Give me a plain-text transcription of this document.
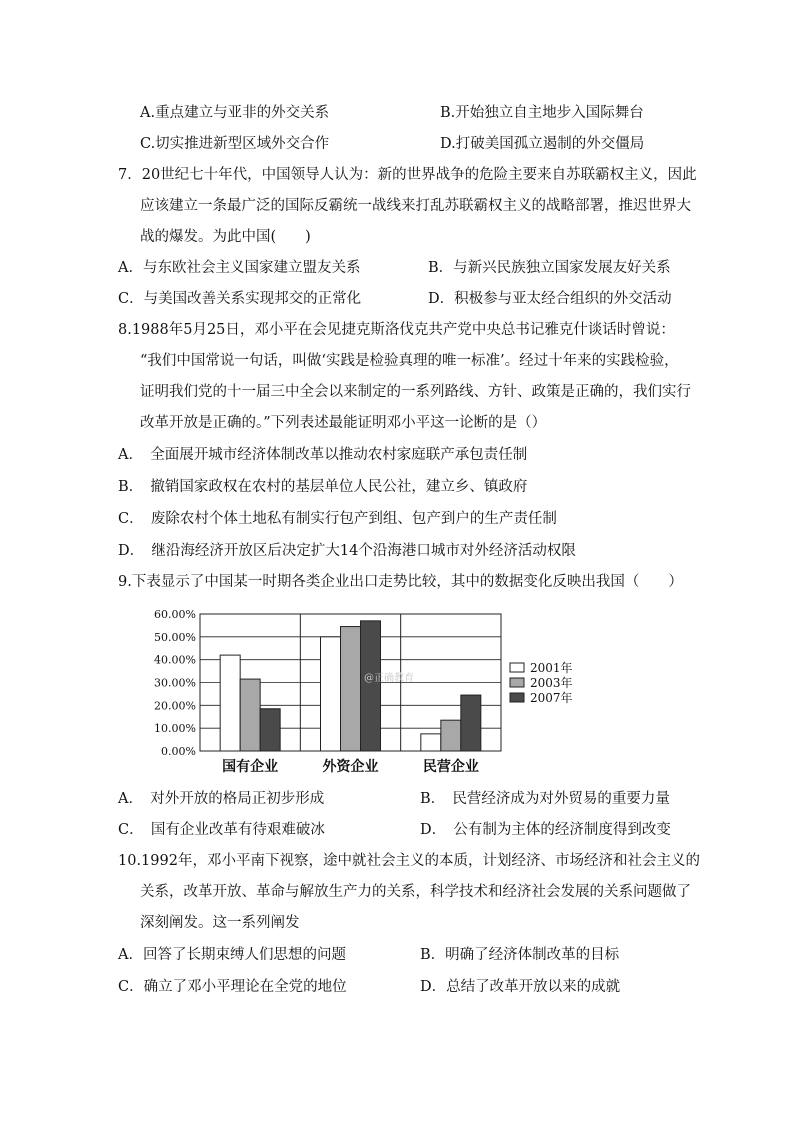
A.重点建立与亚非的外交关系	B.开始独立自主地步入国际舞台
C.切实推进新型区域外交合作	D.打破美国孤立遏制的外交僵局
7．20世纪七十年代，中国领导人认为：新的世界战争的危险主要来自苏联霸权主义，因此
应该建立一条最广泛的国际反霸统一战线来打乱苏联霸权主义的战略部署，推迟世界大
战的爆发。为此中国(　　)
A．与东欧社会主义国家建立盟友关系	B．与新兴民族独立国家发展友好关系
C．与美国改善关系实现邦交的正常化	D．积极参与亚太经合组织的外交活动
8.1988年5月25日，邓小平在会见捷克斯洛伐克共产党中央总书记雅克什谈话时曾说：
“我们中国常说一句话，叫做‘实践是检验真理的唯一标准’。经过十年来的实践检验，
证明我们党的十一届三中全会以来制定的一系列路线、方针、政策是正确的，我们实行
改革开放是正确的。”下列表述最能证明邓小平这一论断的是（）
A．　全面展开城市经济体制改革以推动农村家庭联产承包责任制
B．　撤销国家政权在农村的基层单位人民公社，建立乡、镇政府
C．　废除农村个体土地私有制实行包产到组、包产到户的生产责任制
D．　继沿海经济开放区后决定扩大14个沿海港口城市对外经济活动权限
9.下表显示了中国某一时期各类企业出口走势比较，其中的数据变化反映出我国（　　）
0.00%
10.00%
20.00%
30.00%
40.00%
50.00%
60.00%
国有企业	外资企业	民营企业
@正确教育
2001年
2003年
2007年
A．　对外开放的格局正初步形成	B．　民营经济成为对外贸易的重要力量
C．　国有企业改革有待艰难破冰	D．　公有制为主体的经济制度得到改变
10.1992年，邓小平南下视察，途中就社会主义的本质，计划经济、市场经济和社会主义的
关系，改革开放、革命与解放生产力的关系，科学技术和经济社会发展的关系问题做了
深刻阐发。这一系列阐发
A．回答了长期束缚人们思想的问题	B．明确了经济体制改革的目标
C．确立了邓小平理论在全党的地位	D．总结了改革开放以来的成就
